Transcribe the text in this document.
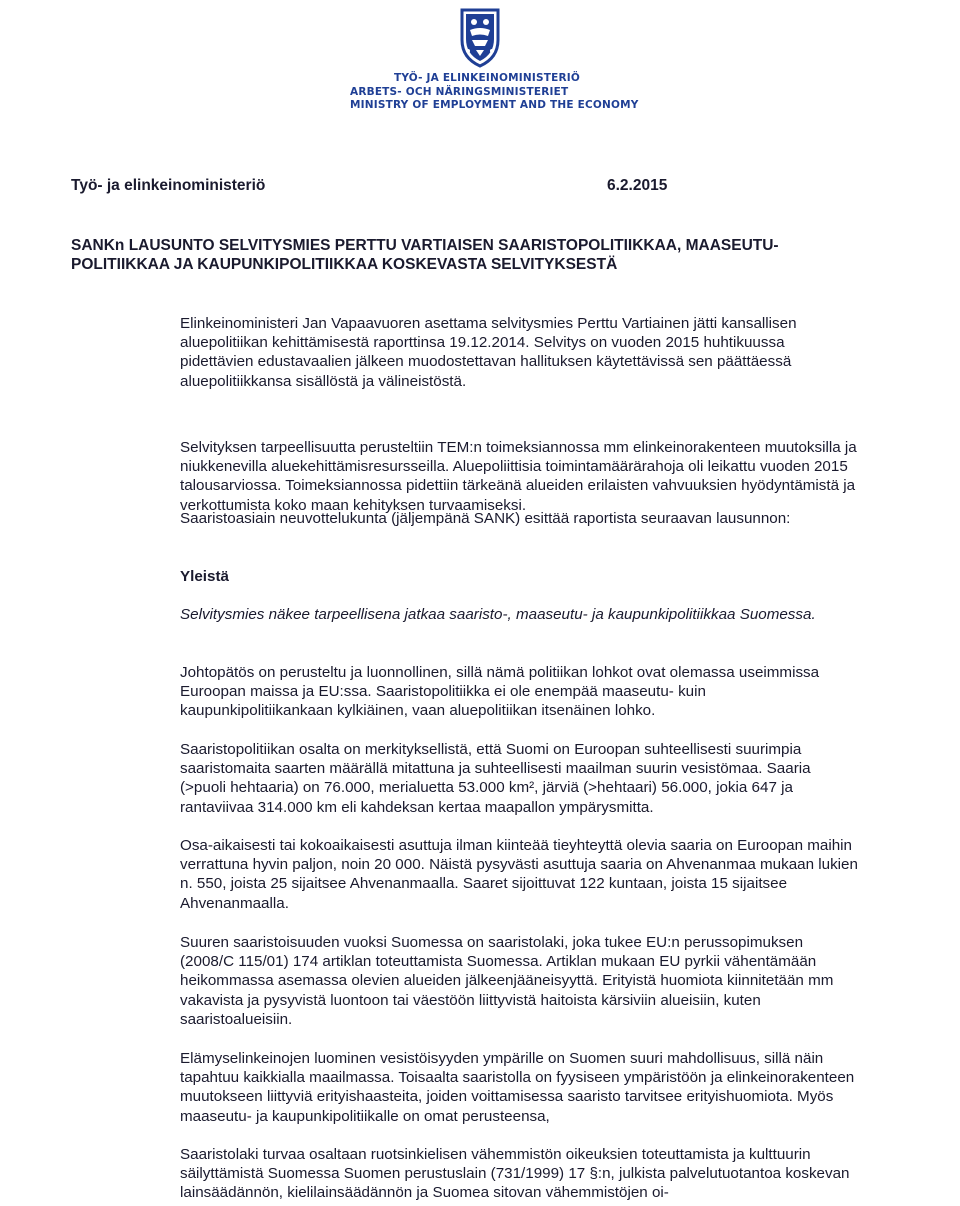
TYÖ- JA ELINKEINOMINISTERIÖ
ARBETS- OCH NÄRINGSMINISTERIET
MINISTRY OF EMPLOYMENT AND THE ECONOMY
Työ- ja elinkeinoministeriö	6.2.2015
SANKn LAUSUNTO SELVITYSMIES PERTTU VARTIAISEN SAARISTOPOLITIIKKAA, MAASEUTU-POLITIIKKAA JA KAUPUNKIPOLITIIKKAA KOSKEVASTA SELVITYKSESTÄ

Elinkeinoministeri Jan Vapaavuoren asettama selvitysmies Perttu Vartiainen jätti kansallisen aluepolitiikan kehittämisestä raporttinsa 19.12.2014. Selvitys on vuoden 2015 huhtikuussa pidettävien edustavaalien jälkeen muodostettavan hallituksen käytettävissä sen päättäessä aluepolitiikkansa sisällöstä ja välineistöstä.

Selvityksen tarpeellisuutta perusteltiin TEM:n toimeksiannossa mm elinkeinorakenteen muutoksilla ja niukkenevilla aluekehittämisresursseilla. Aluepoliittisia toimintamäärärahoja oli leikattu vuoden 2015 talousarviossa. Toimeksiannossa pidettiin tärkeänä alueiden erilaisten vahvuuksien hyödyntämistä ja verkottumista koko maan kehityksen turvaamiseksi.

Saaristoasiain neuvottelukunta (jäljempänä SANK) esittää raportista seuraavan lausunnon:

Yleistä

Selvitysmies näkee tarpeellisena jatkaa saaristo-, maaseutu- ja kaupunkipolitiikkaa Suomessa.

Johtopätös on perusteltu ja luonnollinen, sillä nämä politiikan lohkot ovat olemassa useimmissa Euroopan maissa ja EU:ssa. Saaristopolitiikka ei ole enempää maaseutu- kuin kaupunkipolitiikankaan kylkiäinen, vaan aluepolitiikan itsenäinen lohko.

Saaristopolitiikan osalta on merkityksellistä, että Suomi on Euroopan suhteellisesti suurimpia saaristomaita saarten määrällä mitattuna ja suhteellisesti maailman suurin vesistömaa. Saaria (>puoli hehtaaria) on 76.000, merialuetta 53.000 km², järviä (>hehtaari) 56.000, jokia 647 ja rantaviivaa 314.000 km eli kahdeksan kertaa maapallon ympärysmitta.

Osa-aikaisesti tai kokoaikaisesti asuttuja ilman kiinteää tieyhteyttä olevia saaria on Euroopan maihin verrattuna hyvin paljon, noin 20 000. Näistä pysyvästi asuttuja saaria on Ahvenanmaa mukaan lukien n. 550, joista 25 sijaitsee Ahvenanmaalla. Saaret sijoittuvat 122 kuntaan, joista 15 sijaitsee Ahvenanmaalla.

Suuren saaristoisuuden vuoksi Suomessa on saaristolaki, joka tukee EU:n perussopimuksen (2008/C 115/01) 174 artiklan toteuttamista Suomessa. Artiklan mukaan EU pyrkii vähentämään heikommassa asemassa olevien alueiden jälkeenjääneisyyttä. Erityistä huomiota kiinnitetään mm vakavista ja pysyvistä luontoon tai väestöön liittyvistä haitoista kärsiviin alueisiin, kuten saaristoalueisiin.

Elämyselinkeinojen luominen vesistöisyyden ympärille on Suomen suuri mahdollisuus, sillä näin tapahtuu kaikkialla maailmassa. Toisaalta saaristolla on fyysiseen ympäristöön ja elinkeinorakenteen muutokseen liittyviä erityishaasteita, joiden voittamisessa saaristo tarvitsee erityishuomiota. Myös maaseutu- ja kaupunkipolitiikalle on omat perusteensa,

Saaristolaki turvaa osaltaan ruotsinkielisen vähemmistön oikeuksien toteuttamista ja kulttuurin säilyttämistä Suomessa Suomen perustuslain (731/1999) 17 §:n, julkista palvelutuotantoa koskevan lainsäädännön, kielilainsäädännön ja Suomea sitovan vähemmistöjen oi-
